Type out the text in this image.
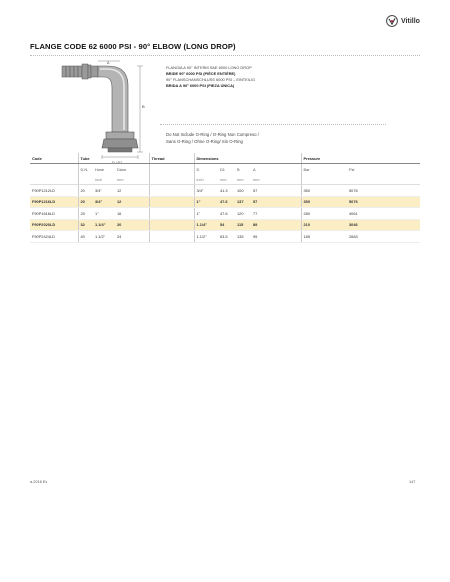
Vitillo
FLANGE CODE 62 6000 PSI - 90° ELBOW (LONG DROP)
B
A
D / D1
FLANGIA A 90° INTERM SAE 6000 LONG DROP
BRIDE 90° 6000 PSI (PIÈCE ENTIÈRE)
90° FLANSCHANSCHLUSS 6000 PSI – EINTEILIG
BRIDA A 90° 6000 PSI (PIEZA ÚNICA)
Do Not Include O-Ring / O-Ring Non Compreso /
Sans O-Ring / Ohne O-Ring/ Sin O-Ring
Code	Tube			Thread	Dimensions				Pressure	
	D.N.	Hose	Diam		D	D1	B	A	Bar	Psi
		inch	mm		inch	mm	mm	mm		
F90P1212LD	20	3/4"	12		3/4"	41.3	100	57	350	5076
F90P1216LD	20	3/4"	12		1"	47.6	137	57	350	5076
F90P1616LD	25	1"	16		1"	47.6	120	77	280	4061
F90P2020LD	32	1.1/4"	20		1.1/4"	54	115	89	210	3046
F90P2424LD	40	1.1/2"	24		1.1/2"	63.5	135	95	185	2683
a-2016 Ex	147
